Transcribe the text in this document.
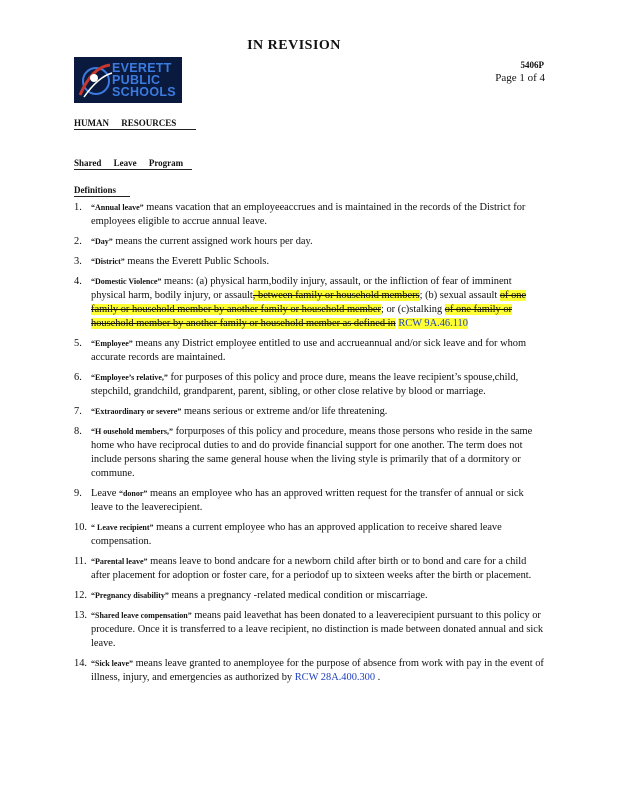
IN REVISION
5406P
Page 1 of 4
EVERETT
PUBLIC
SCHOOLS
HUMAN RESOURCES
Shared Leave Program
Definitions
1. “Annual leave” means vacation that an employeeaccrues and is maintained in the records of the District for employees eligible to accrue annual leave.
2. “Day” means the current assigned work hours per day.
3. “District” means the Everett Public Schools.
4. “Domestic Violence” means: (a) physical harm,bodily injury, assault, or the infliction of fear of imminent physical harm, bodily injury, or assault, between family or household members; (b) sexual assault of one family or household member by another family or household member; or (c)stalking of one family or household member by another family or household member as defined in RCW 9A.46.110
5. “Employee” means any District employee entitled to use and accrueannual and/or sick leave and for whom accurate records are maintained.
6. “Employee’s relative,” for purposes of this policy and proce dure, means the leave recipient’s spouse,child, stepchild, grandchild, grandparent, parent, sibling, or other close relative by blood or marriage.
7. “Extraordinary or severe” means serious or extreme and/or life threatening.
8. “H ousehold members,” forpurposes of this policy and procedure, means those persons who reside in the same home who have reciprocal duties to and do provide financial support for one another. The term does not include persons sharing the same general house when the living style is primarily that of a dormitory or commune.
9. Leave “donor” means an employee who has an approved written request for the transfer of annual or sick leave to the leaverecipient.
10. “ Leave recipient” means a current employee who has an approved application to receive shared leave compensation.
11. “Parental leave” means leave to bond andcare for a newborn child after birth or to bond and care for a child after placement for adoption or foster care, for a periodof up to sixteen weeks after the birth or placement.
12. “Pregnancy disability” means a pregnancy -related medical condition or miscarriage.
13. “Shared leave compensation” means paid leavethat has been donated to a leaverecipient pursuant to this policy or procedure. Once it is transferred to a leave recipient, no distinction is made between donated annual and sick leave.
14. “Sick leave” means leave granted to anemployee for the purpose of absence from work with pay in the event of illness, injury, and emergencies as authorized by RCW 28A.400.300 .
